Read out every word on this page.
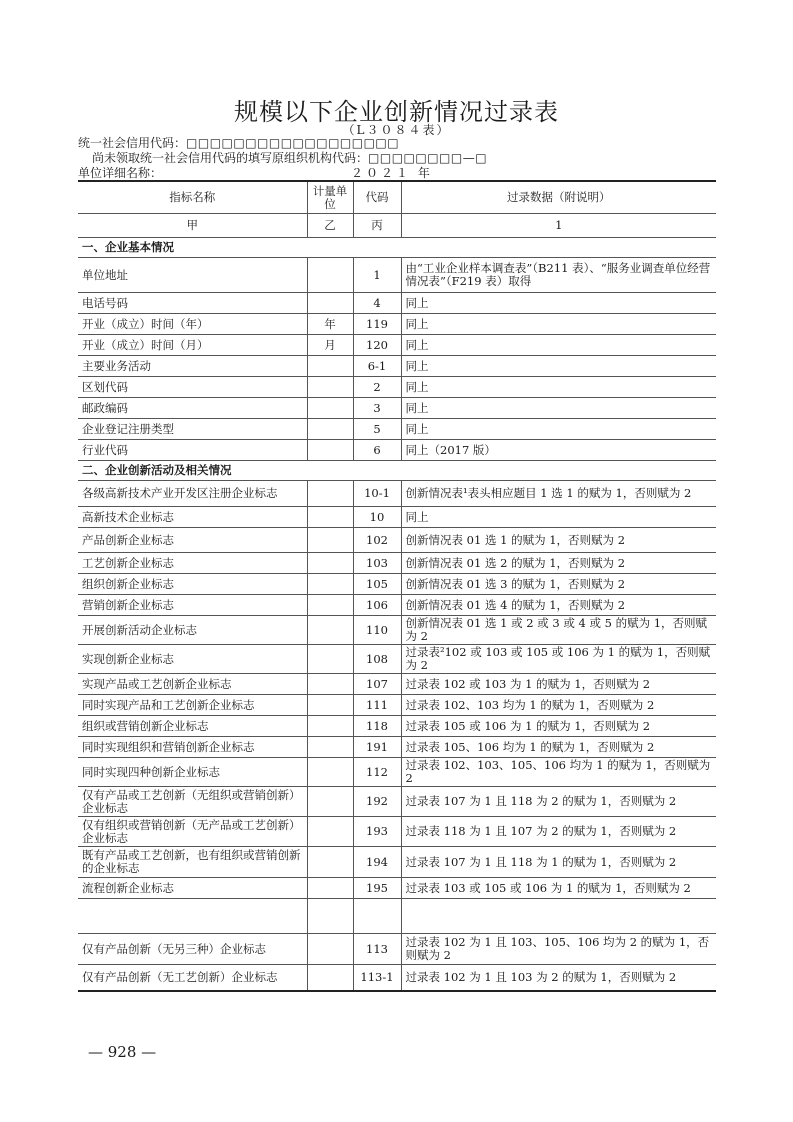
规模以下企业创新情况过录表
（L３０８４表）
统一社会信用代码：□□□□□□□□□□□□□□□□□□
尚未领取统一社会信用代码的填写原组织机构代码：□□□□□□□□—□
单位详细名称：	２０２１ 年
指标名称	计量单位	代码	过录数据（附说明）
甲	乙	丙	1
一、企业基本情况			
单位地址		1	由“工业企业样本调查表”（B211 表）、“服务业调查单位经营情况表”（F219 表）取得
电话号码		4	同上
开业（成立）时间（年）	年	119	同上
开业（成立）时间（月）	月	120	同上
主要业务活动		6-1	同上
区划代码		2	同上
邮政编码		3	同上
企业登记注册类型		5	同上
行业代码		6	同上（2017 版）
二、企业创新活动及相关情况			
各级高新技术产业开发区注册企业标志		10-1	创新情况表¹表头相应题目 1 选 1 的赋为 1，否则赋为 2
高新技术企业标志		10	同上
产品创新企业标志		102	创新情况表 01 选 1 的赋为 1，否则赋为 2
工艺创新企业标志		103	创新情况表 01 选 2 的赋为 1，否则赋为 2
组织创新企业标志		105	创新情况表 01 选 3 的赋为 1，否则赋为 2
营销创新企业标志		106	创新情况表 01 选 4 的赋为 1，否则赋为 2
开展创新活动企业标志		110	创新情况表 01 选 1 或 2 或 3 或 4 或 5 的赋为 1，否则赋为 2
实现创新企业标志		108	过录表²102 或 103 或 105 或 106 为 1 的赋为 1，否则赋为 2
实现产品或工艺创新企业标志		107	过录表 102 或 103 为 1 的赋为 1，否则赋为 2
同时实现产品和工艺创新企业标志		111	过录表 102、103 均为 1 的赋为 1，否则赋为 2
组织或营销创新企业标志		118	过录表 105 或 106 为 1 的赋为 1，否则赋为 2
同时实现组织和营销创新企业标志		191	过录表 105、106 均为 1 的赋为 1，否则赋为 2
同时实现四种创新企业标志		112	过录表 102、103、105、106 均为 1 的赋为 1，否则赋为 2
仅有产品或工艺创新（无组织或营销创新）企业标志		192	过录表 107 为 1 且 118 为 2 的赋为 1，否则赋为 2
仅有组织或营销创新（无产品或工艺创新）企业标志		193	过录表 118 为 1 且 107 为 2 的赋为 1，否则赋为 2
既有产品或工艺创新，也有组织或营销创新的企业标志		194	过录表 107 为 1 且 118 为 1 的赋为 1，否则赋为 2
流程创新企业标志		195	过录表 103 或 105 或 106 为 1 的赋为 1，否则赋为 2

仅有产品创新（无另三种）企业标志		113	过录表 102 为 1 且 103、105、106 均为 2 的赋为 1，否则赋为 2
仅有产品创新（无工艺创新）企业标志		113-1	过录表 102 为 1 且 103 为 2 的赋为 1，否则赋为 2
— 928 —
